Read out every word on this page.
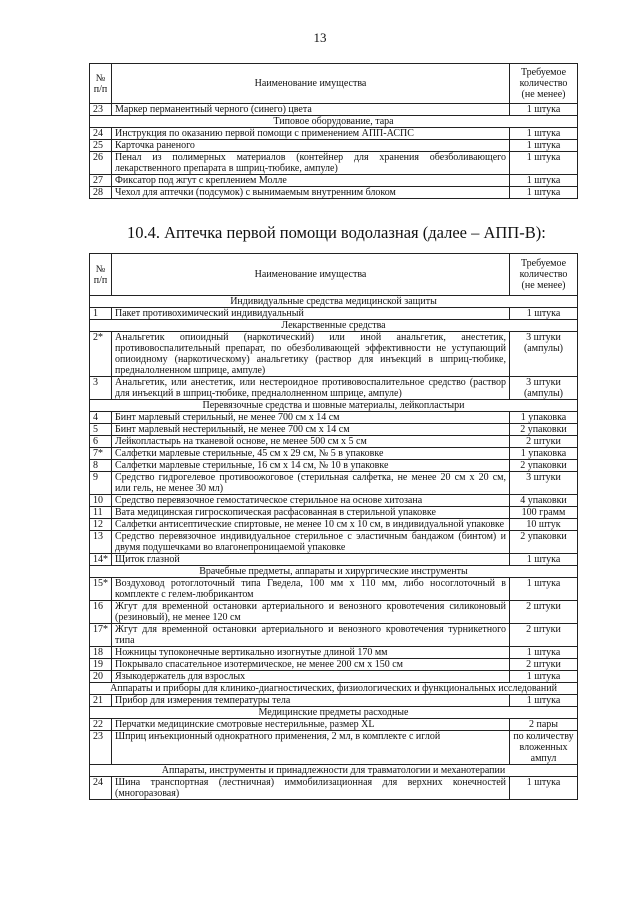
13
№ п/п	Наименование имущества	Требуемое количество (не менее)
23	Маркер перманентный черного (синего) цвета	1 штука
Типовое оборудование, тара		
24	Инструкция по оказанию первой помощи с применением АПП-АСПС	1 штука
25	Карточка раненого	1 штука
26	Пенал из полимерных материалов (контейнер для хранения обезболивающего лекарственного препарата в шприц-тюбике, ампуле)	1 штука
27	Фиксатор под жгут с креплением Молле	1 штука
28	Чехол для аптечки (подсумок) с вынимаемым внутренним блоком	1 штука
10.4. Аптечка первой помощи водолазная (далее – АПП-В):
№ п/п	Наименование имущества	Требуемое количество (не менее)
Индивидуальные средства медицинской защиты		
1	Пакет противохимический индивидуальный	1 штука
Лекарственные средства		
2*	Анальгетик опиоидный (наркотический) или иной анальгетик, анестетик, противовоспалительный препарат, по обезболивающей эффективности не уступающий опиоидному (наркотическому) анальгетику (раствор для инъекций в шприц-тюбике, предналолненном шприце, ампуле)	3 штуки (ампулы)
3	Анальгетик, или анестетик, или нестероидное противовоспалительное средство (раствор для инъекций в шприц-тюбике, предналолненном шприце, ампуле)	3 штуки (ампулы)
Перевязочные средства и шовные материалы, лейкопластыри		
4	Бинт марлевый стерильный, не менее 700 см х 14 см	1 упаковка
5	Бинт марлевый нестерильный, не менее 700 см х 14 см	2 упаковки
6	Лейкопластырь на тканевой основе, не менее 500 см х 5 см	2 штуки
7*	Салфетки марлевые стерильные, 45 см х 29 см, № 5 в упаковке	1 упаковка
8	Салфетки марлевые стерильные, 16 см х 14 см, № 10 в упаковке	2 упаковки
9	Средство гидрогелевое противоожоговое (стерильная салфетка, не менее 20 см х 20 см, или гель, не менее 30 мл)	3 штуки
10	Средство перевязочное гемостатическое стерильное на основе хитозана	4 упаковки
11	Вата медицинская гигроскопическая расфасованная в стерильной упаковке	100 грамм
12	Салфетки антисептические спиртовые, не менее 10 см х 10 см, в индивидуальной упаковке	10 штук
13	Средство перевязочное индивидуальное стерильное с эластичным бандажом (бинтом) и двумя подушечками во влагонепроницаемой упаковке	2 упаковки
14*	Щиток глазной	1 штука
Врачебные предметы, аппараты и хирургические инструменты		
15*	Воздуховод ротоглоточный типа Гведела, 100 мм х 110 мм, либо носоглоточный в комплекте с гелем-любрикантом	1 штука
16	Жгут для временной остановки артериального и венозного кровотечения силиконовый (резиновый), не менее 120 см	2 штуки
17*	Жгут для временной остановки артериального и венозного кровотечения турникетного типа	2 штуки
18	Ножницы тупоконечные вертикально изогнутые длиной 170 мм	1 штука
19	Покрывало спасательное изотермическое, не менее 200 см х 150 см	2 штуки
20	Языкодержатель для взрослых	1 штука
Аппараты и приборы для клинико-диагностических, физиологических и функциональных исследований		
21	Прибор для измерения температуры тела	1 штука
Медицинские предметы расходные		
22	Перчатки медицинские смотровые нестерильные, размер XL	2 пары
23	Шприц инъекционный однократного применения, 2 мл, в комплекте с иглой	по количеству вложенных ампул
Аппараты, инструменты и принадлежности для травматологии и механотерапии		
24	Шина транспортная (лестничная) иммобилизационная для верхних конечностей (многоразовая)	1 штука
